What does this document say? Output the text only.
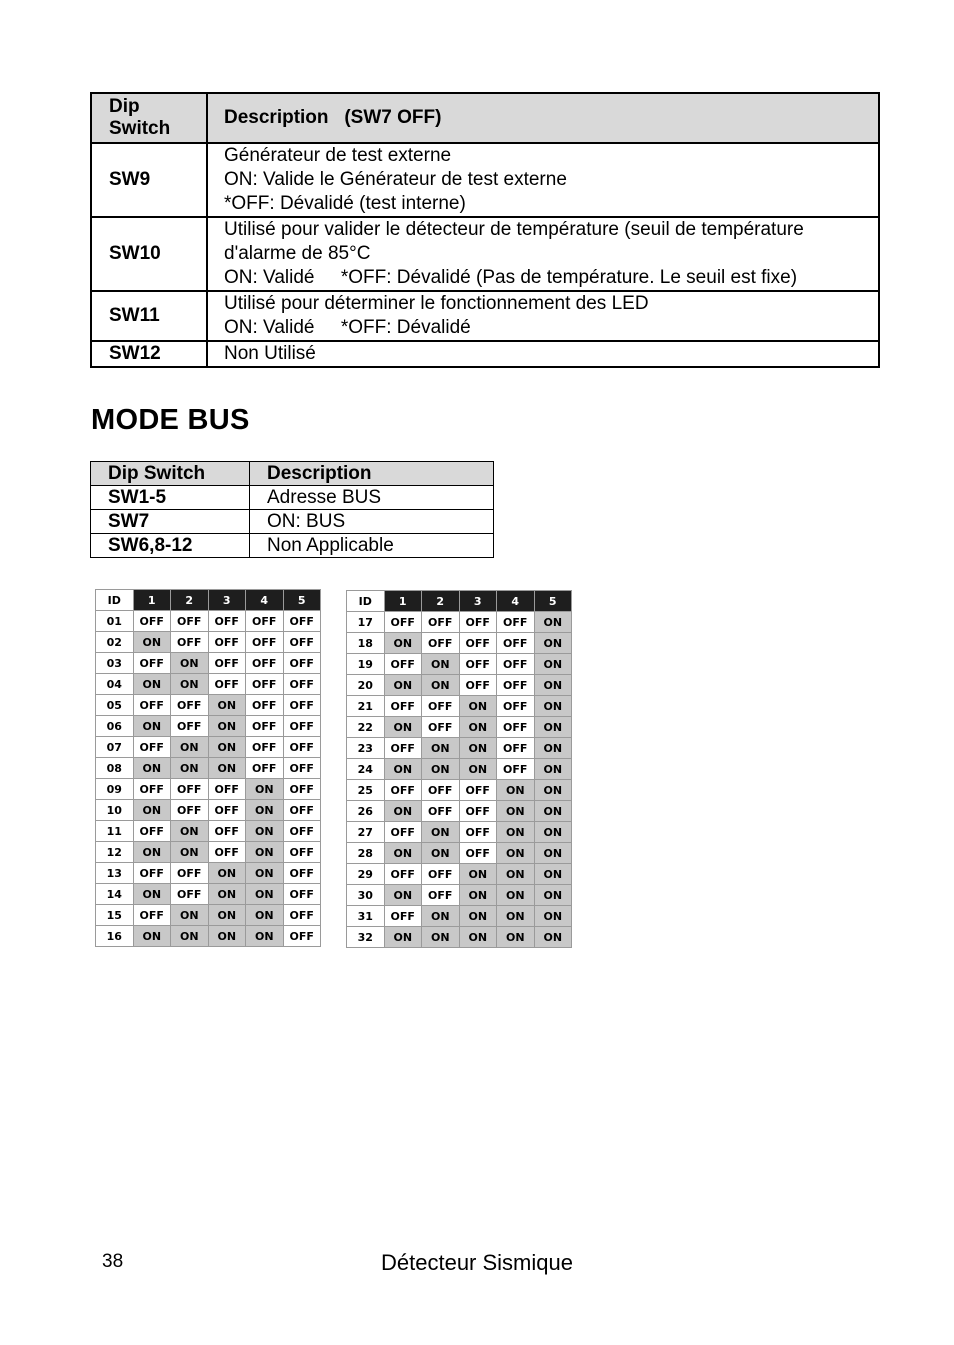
Dip
Switch	Description   (SW7 OFF)
SW9	Générateur de test externe
ON: Valide le Générateur de test externe
*OFF: Dévalidé (test interne)

SW10	Utilisé pour valider le détecteur de température (seuil de température
d'alarme de 85°C
ON: Validé     *OFF: Dévalidé (Pas de température. Le seuil est fixe)

SW11	Utilisé pour déterminer le fonctionnement des LED
ON: Validé     *OFF: Dévalidé

SW12	Non Utilisé
MODE BUS
Dip Switch	Description
SW1-5	Adresse BUS
SW7	ON: BUS
SW6,8-12	Non Applicable
ID	1	2	3	4	5
01	OFF	OFF	OFF	OFF	OFF
02	ON	OFF	OFF	OFF	OFF
03	OFF	ON	OFF	OFF	OFF
04	ON	ON	OFF	OFF	OFF
05	OFF	OFF	ON	OFF	OFF
06	ON	OFF	ON	OFF	OFF
07	OFF	ON	ON	OFF	OFF
08	ON	ON	ON	OFF	OFF
09	OFF	OFF	OFF	ON	OFF
10	ON	OFF	OFF	ON	OFF
11	OFF	ON	OFF	ON	OFF
12	ON	ON	OFF	ON	OFF
13	OFF	OFF	ON	ON	OFF
14	ON	OFF	ON	ON	OFF
15	OFF	ON	ON	ON	OFF
16	ON	ON	ON	ON	OFF
ID	1	2	3	4	5
17	OFF	OFF	OFF	OFF	ON
18	ON	OFF	OFF	OFF	ON
19	OFF	ON	OFF	OFF	ON
20	ON	ON	OFF	OFF	ON
21	OFF	OFF	ON	OFF	ON
22	ON	OFF	ON	OFF	ON
23	OFF	ON	ON	OFF	ON
24	ON	ON	ON	OFF	ON
25	OFF	OFF	OFF	ON	ON
26	ON	OFF	OFF	ON	ON
27	OFF	ON	OFF	ON	ON
28	ON	ON	OFF	ON	ON
29	OFF	OFF	ON	ON	ON
30	ON	OFF	ON	ON	ON
31	OFF	ON	ON	ON	ON
32	ON	ON	ON	ON	ON
38	Détecteur Sismique
